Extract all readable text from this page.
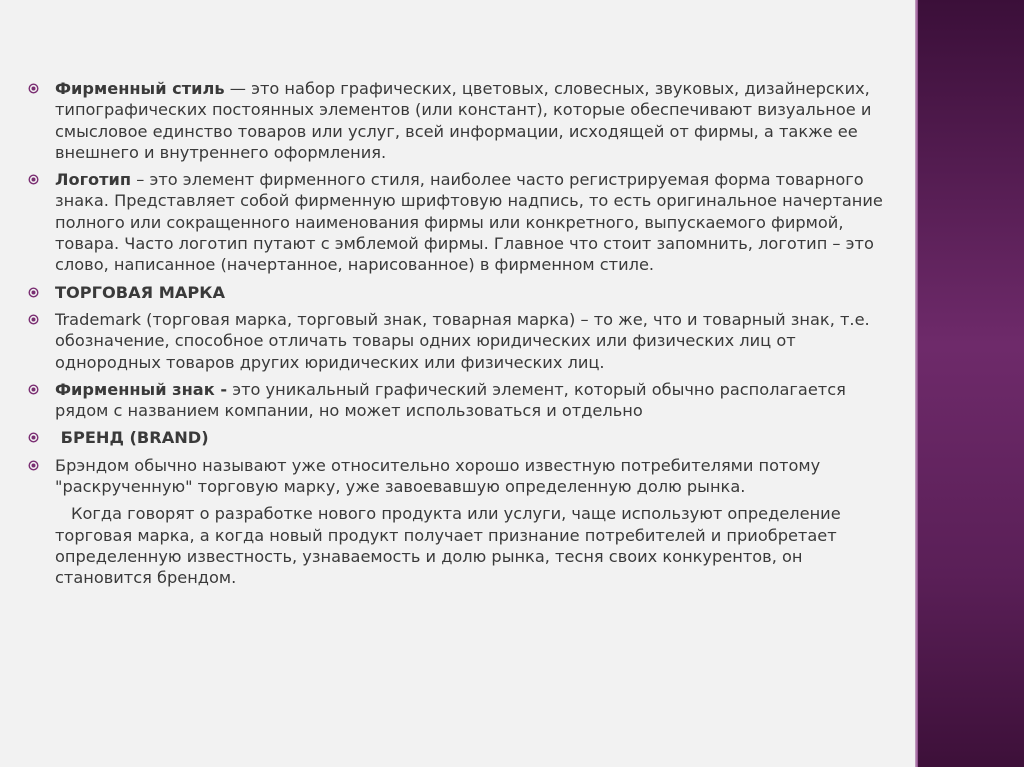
Фирменный стиль — это набор графических, цветовых, словесных, звуковых, дизайнерских, типографических постоянных элементов (или констант), которые обеспечивают визуальное и смысловое единство товаров или услуг, всей информации, исходящей от фирмы, а также ее внешнего и внутреннего оформления.
Логотип – это элемент фирменного стиля, наиболее часто регистрируемая форма товарного знака. Представляет собой фирменную шрифтовую надпись, то есть оригинальное начертание полного или сокращенного наименования фирмы или конкретного, выпускаемого фирмой, товара. Часто логотип путают с эмблемой фирмы. Главное что стоит запомнить, логотип – это слово, написанное (начертанное, нарисованное) в фирменном стиле.
ТОРГОВАЯ МАРКА
Trademark (торговая марка, торговый знак, товарная марка) – то же, что и товарный знак, т.е. обозначение, способное отличать товары одних юридических или физических лиц от однородных товаров других юридических или физических лиц.
Фирменный знак - это уникальный графический элемент, который обычно располагается рядом с названием компании, но может использоваться и отдельно
БРЕНД (BRAND)
Брэндом обычно называют уже относительно хорошо известную потребителями потому "раскрученную" торговую марку, уже завоевавшую определенную долю рынка.
Когда говорят о разработке нового продукта или услуги, чаще используют определение торговая марка, а когда новый продукт получает признание потребителей и приобретает определенную известность, узнаваемость и долю рынка, тесня своих конкурентов, он становится брендом.
